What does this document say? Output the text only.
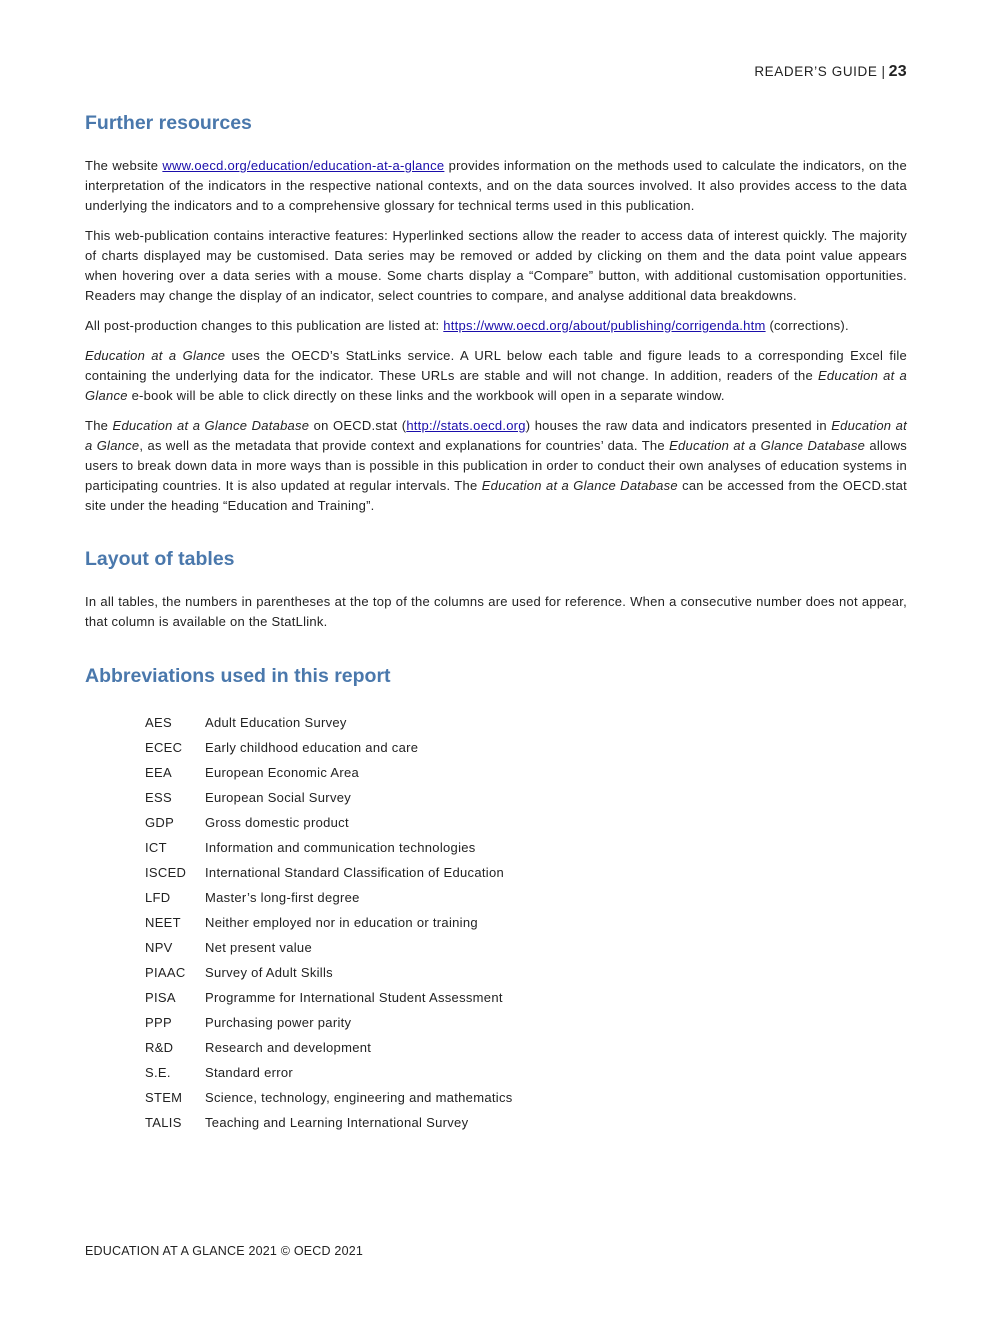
READER’S GUIDE | 23
Further resources

The website www.oecd.org/education/education-at-a-glance provides information on the methods used to calculate the indicators, on the interpretation of the indicators in the respective national contexts, and on the data sources involved. It also provides access to the data underlying the indicators and to a comprehensive glossary for technical terms used in this publication.

This web-publication contains interactive features: Hyperlinked sections allow the reader to access data of interest quickly. The majority of charts displayed may be customised. Data series may be removed or added by clicking on them and the data point value appears when hovering over a data series with a mouse. Some charts display a “Compare” button, with additional customisation opportunities. Readers may change the display of an indicator, select countries to compare, and analyse additional data breakdowns.

All post-production changes to this publication are listed at: https://www.oecd.org/about/publishing/corrigenda.htm (corrections).

Education at a Glance uses the OECD’s StatLinks service. A URL below each table and figure leads to a corresponding Excel file containing the underlying data for the indicator. These URLs are stable and will not change. In addition, readers of the Education at a Glance e-book will be able to click directly on these links and the workbook will open in a separate window.

The Education at a Glance Database on OECD.stat (http://stats.oecd.org) houses the raw data and indicators presented in Education at a Glance, as well as the metadata that provide context and explanations for countries’ data. The Education at a Glance Database allows users to break down data in more ways than is possible in this publication in order to conduct their own analyses of education systems in participating countries. It is also updated at regular intervals. The Education at a Glance Database can be accessed from the OECD.stat site under the heading “Education and Training”.

Layout of tables

In all tables, the numbers in parentheses at the top of the columns are used for reference. When a consecutive number does not appear, that column is available on the StatLlink.

Abbreviations used in this report
AES	Adult Education Survey
ECEC	Early childhood education and care
EEA	European Economic Area
ESS	European Social Survey
GDP	Gross domestic product
ICT	Information and communication technologies
ISCED	International Standard Classification of Education
LFD	Master’s long-first degree
NEET	Neither employed nor in education or training
NPV	Net present value
PIAAC	Survey of Adult Skills
PISA	Programme for International Student Assessment
PPP	Purchasing power parity
R&D	Research and development
S.E.	Standard error
STEM	Science, technology, engineering and mathematics
TALIS	Teaching and Learning International Survey
EDUCATION AT A GLANCE 2021 © OECD 2021
